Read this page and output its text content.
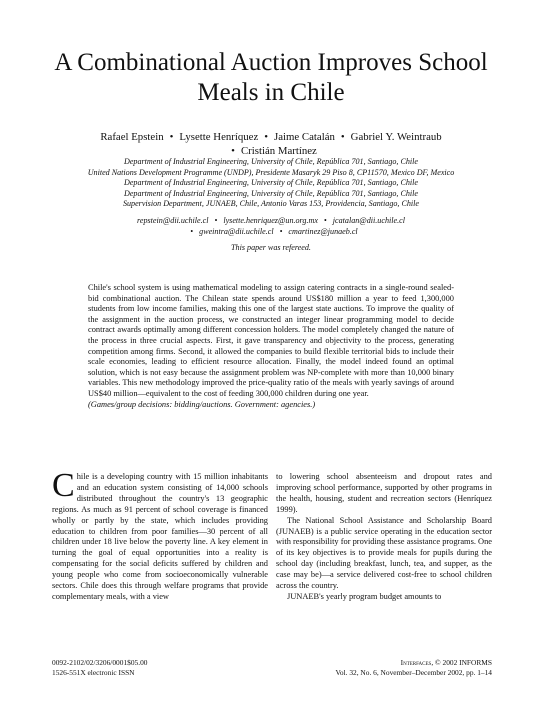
A Combinational Auction Improves School Meals in Chile
Rafael Epstein • Lysette Henríquez • Jaime Catalán • Gabriel Y. Weintraub
• Cristián Martínez
Department of Industrial Engineering, University of Chile, República 701, Santiago, Chile
United Nations Development Programme (UNDP), Presidente Masaryk 29 Piso 8, CP11570, Mexico DF, Mexico
Department of Industrial Engineering, University of Chile, República 701, Santiago, Chile
Department of Industrial Engineering, University of Chile, República 701, Santiago, Chile
Supervision Department, JUNAEB, Chile, Antonio Varas 153, Providencia, Santiago, Chile
repstein@dii.uchile.cl • lysette.henriquez@un.org.mx • jcatalan@dii.uchile.cl
• gweintra@dii.uchile.cl • cmartinez@junaeb.cl
This paper was refereed.
Chile's school system is using mathematical modeling to assign catering contracts in a single-round sealed-bid combinational auction. The Chilean state spends around US$180 million a year to feed 1,300,000 students from low income families, making this one of the largest state auctions. To improve the quality of the assignment in the auction process, we constructed an integer linear programming model to decide contract awards optimally among different concession holders. The model completely changed the nature of the process in three crucial aspects. First, it gave transparency and objectivity to the process, generating competition among firms. Second, it allowed the companies to build flexible territorial bids to include their scale economies, leading to efficient resource allocation. Finally, the model indeed found an optimal solution, which is not easy because the assignment problem was NP-complete with more than 10,000 binary variables. This new methodology improved the price-quality ratio of the meals with yearly savings of around US$40 million—equivalent to the cost of feeding 300,000 children during one year.
(Games/group decisions: bidding/auctions. Government: agencies.)

Chile is a developing country with 15 million inhabitants and an education system consisting of 14,000 schools distributed throughout the country's 13 geographic regions. As much as 91 percent of school coverage is financed wholly or partly by the state, which includes providing education to children from poor families—30 percent of all children under 18 live below the poverty line. A key element in turning the goal of equal opportunities into a reality is compensating for the social deficits suffered by children and young people who come from socioeconomically vulnerable sectors. Chile does this through welfare programs that provide complementary meals, with a view

to lowering school absenteeism and dropout rates and improving school performance, supported by other programs in the health, housing, student and recreation sectors (Henríquez 1999).

The National School Assistance and Scholarship Board (JUNAEB) is a public service operating in the education sector with responsibility for providing these assistance programs. One of its key objectives is to provide meals for pupils during the school day (including breakfast, lunch, tea, and supper, as the case may be)—a service delivered cost-free to school children across the country.

JUNAEB's yearly program budget amounts to

0092-2102/02/3206/0001$05.00
1526-551X electronic ISSN
Interfaces, © 2002 INFORMS
Vol. 32, No. 6, November–December 2002, pp. 1–14
